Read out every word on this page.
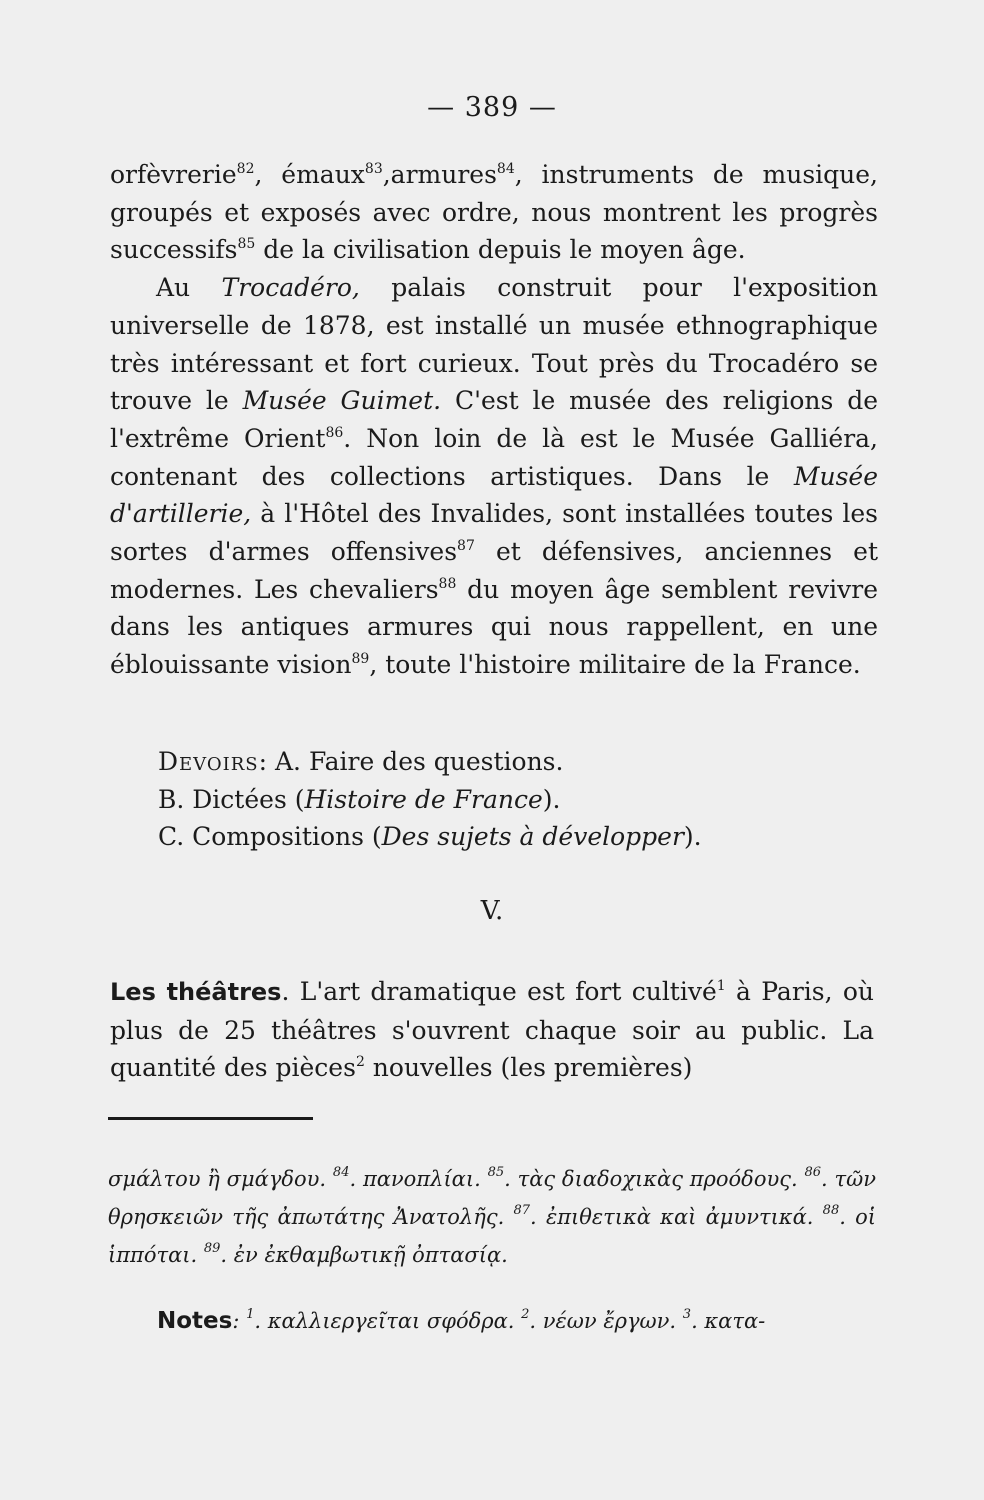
— 389 —

orfèvrerie$^{82}$, émaux$^{83}$,armures$^{84}$, instruments de musique, groupés et exposés avec ordre, nous montrent les progrès successifs$^{85}$ de la civilisation depuis le moyen âge.

Au Trocadéro, palais construit pour l'exposition universelle de 1878, est installé un musée ethnographique très intéressant et fort curieux. Tout près du Trocadéro se trouve le Musée Guimet. C'est le musée des religions de l'extrême Orient$^{86}$. Non loin de là est le Musée Galliéra, contenant des collections artistiques. Dans le Musée d'artillerie, à l'Hôtel des Invalides, sont installées toutes les sortes d'armes offensives$^{87}$ et défensives, anciennes et modernes. Les chevaliers$^{88}$ du moyen âge semblent revivre dans les antiques armures qui nous rappellent, en une éblouissante vision$^{89}$, toute l'histoire militaire de la France.

Devoirs: A. Faire des questions.
B. Dictées (Histoire de France).
C. Compositions (Des sujets à développer).
V.
Les théâtres. L'art dramatique est fort cultivé$^1$ à Paris, où plus de 25 théâtres s'ouvrent chaque soir au public. La quantité des pièces$^2$ nouvelles (les premières)
σμάλτου ἢ σμάγδου. $^{84}$. πανοπλίαι. $^{85}$. τὰς διαδοχικὰς προόδους. $^{86}$. τῶν θρησκειῶν τῆς ἀπωτάτης Ἀνατολῆς. $^{87}$. ἐπιθετικὰ καὶ ἀμυντικά. $^{88}$. οἱ ἱππόται. $^{89}$. ἐν ἐκθαμβωτικῇ ὀπτασίᾳ.
Notes: $^1$. καλλιεργεῖται σφόδρα. $^2$. νέων ἔργων. $^3$. κατα-
